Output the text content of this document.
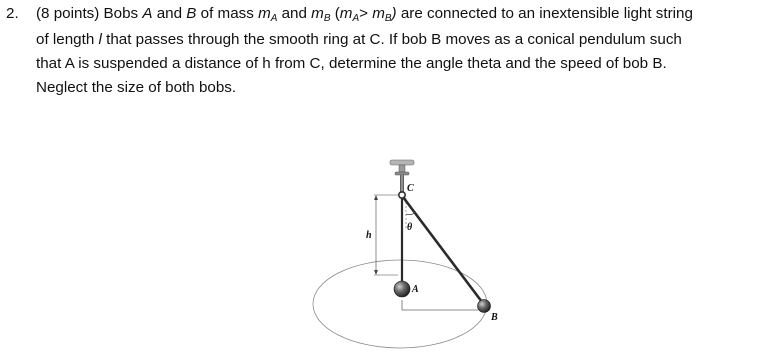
2. (8 points) Bobs A and B of mass mA and mB (mA> mB) are connected to an inextensible light string
of length l that passes through the smooth ring at C. If bob B moves as a conical pendulum such
that A is suspended a distance of h from C, determine the angle theta and the speed of bob B.
Neglect the size of both bobs.
C
θ
h
A
B
